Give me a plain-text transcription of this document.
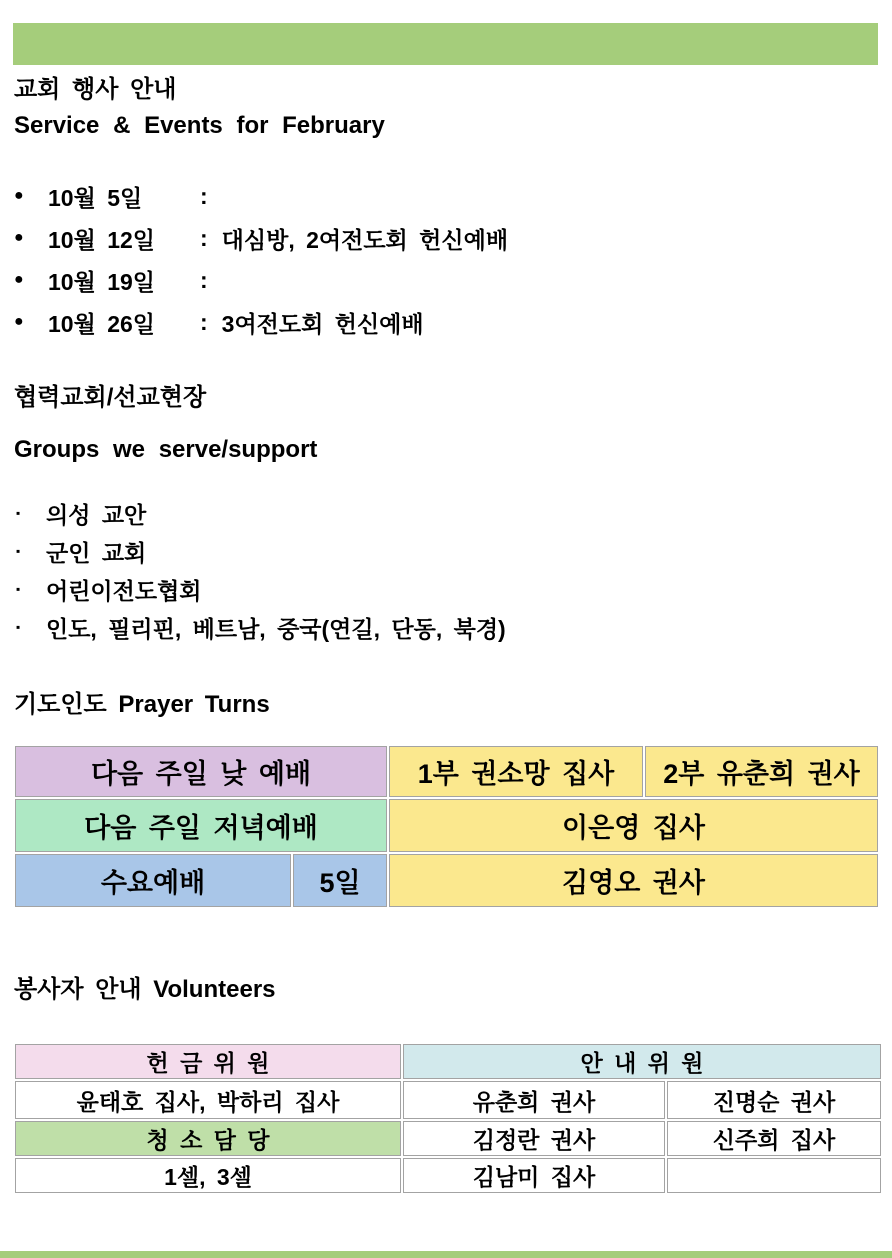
교회 행사 안내
Service & Events for February
●	10월 5일	:
●	10월 12일	: 대심방, 2여전도회 헌신예배
●	10월 19일	:
●	10월 26일	: 3여전도회 헌신예배
협력교회/선교현장
Groups we serve/support
▪	의성 교안
▪	군인 교회
▪	어린이전도협회
▪	인도, 필리핀, 베트남, 중국(연길, 단동, 북경)
기도인도 Prayer Turns
다음 주일 낮 예배		1부 권소망 집사	2부 유춘희 권사
다음 주일 저녁예배		이은영 집사	
수요예배	5일	김영오 권사	
봉사자 안내 Volunteers
헌 금 위 원	안 내 위 원	
윤태호 집사, 박하리 집사	유춘희 권사	진명순 권사
청 소 담 당	김정란 권사	신주희 집사
1셀, 3셀	김남미 집사	
